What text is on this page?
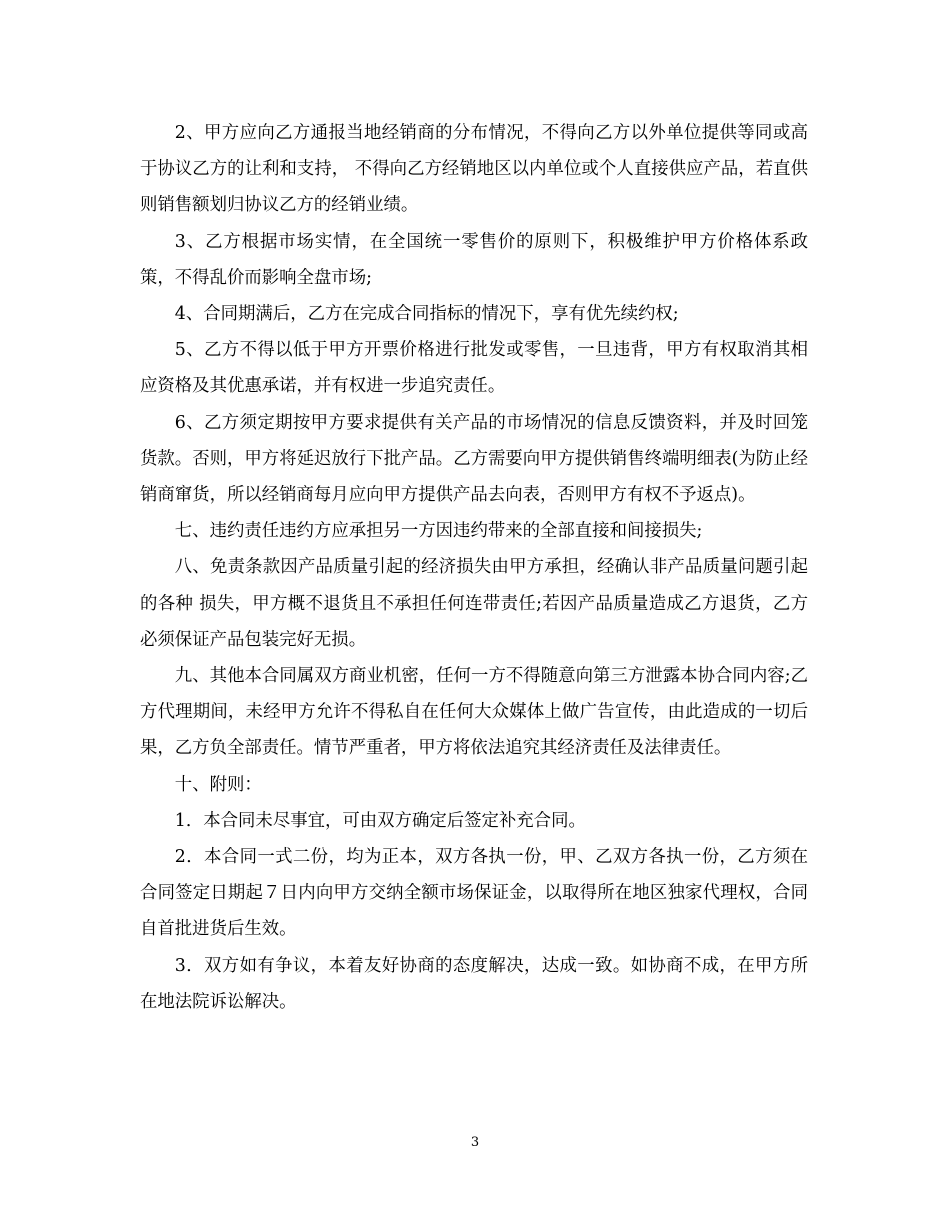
2、甲方应向乙方通报当地经销商的分布情况，不得向乙方以外单位提供等同或高于协议乙方的让利和支持， 不得向乙方经销地区以内单位或个人直接供应产品，若直供则销售额划归协议乙方的经销业绩。

3、乙方根据市场实情，在全国统一零售价的原则下，积极维护甲方价格体系政策，不得乱价而影响全盘市场;

4、合同期满后，乙方在完成合同指标的情况下，享有优先续约权;

5、乙方不得以低于甲方开票价格进行批发或零售，一旦违背，甲方有权取消其相应资格及其优惠承诺，并有权进一步追究责任。

6、乙方须定期按甲方要求提供有关产品的市场情况的信息反馈资料，并及时回笼货款。否则，甲方将延迟放行下批产品。乙方需要向甲方提供销售终端明细表(为防止经销商窜货，所以经销商每月应向甲方提供产品去向表，否则甲方有权不予返点)。

七、违约责任违约方应承担另一方因违约带来的全部直接和间接损失;

八、免责条款因产品质量引起的经济损失由甲方承担，经确认非产品质量问题引起的各种 损失，甲方概不退货且不承担任何连带责任;若因产品质量造成乙方退货，乙方必须保证产品包装完好无损。

九、其他本合同属双方商业机密，任何一方不得随意向第三方泄露本协合同内容;乙方代理期间，未经甲方允许不得私自在任何大众媒体上做广告宣传，由此造成的一切后果，乙方负全部责任。情节严重者，甲方将依法追究其经济责任及法律责任。

十、附则：

1．本合同未尽事宜，可由双方确定后签定补充合同。

2．本合同一式二份，均为正本，双方各执一份，甲、乙双方各执一份，乙方须在合同签定日期起７日内向甲方交纳全额市场保证金，以取得所在地区独家代理权，合同自首批进货后生效。

3．双方如有争议，本着友好协商的态度解决，达成一致。如协商不成，在甲方所在地法院诉讼解决。

3
